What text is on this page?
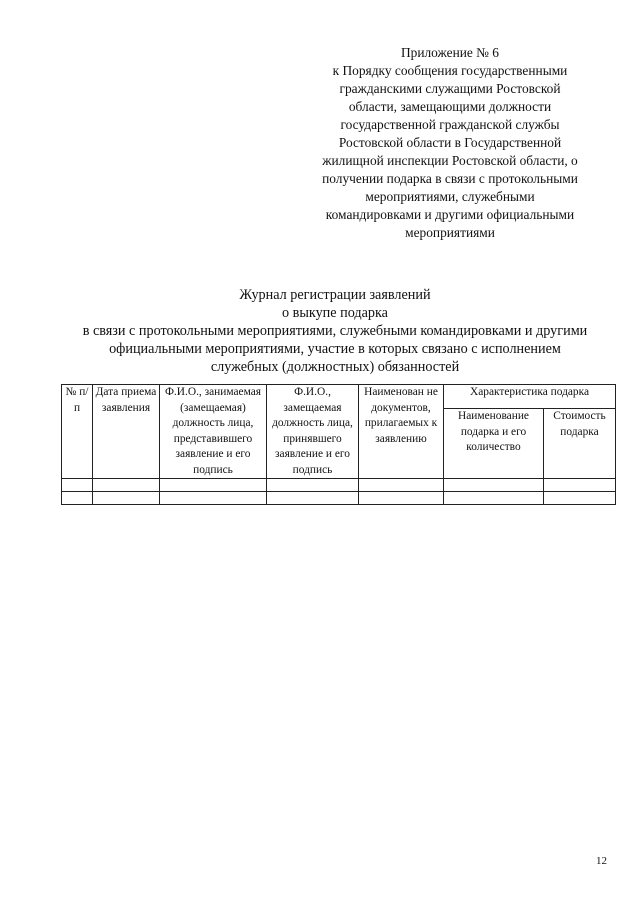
Приложение № 6
к Порядку сообщения государственными
гражданскими служащими Ростовской
области, замещающими должности
государственной гражданской службы
Ростовской области в Государственной
жилищной инспекции Ростовской области, о
получении подарка в связи с протокольными
мероприятиями, служебными
командировками и другими официальными
мероприятиями
Журнал регистрации заявлений
о выкупе подарка
в связи с протокольными мероприятиями, служебными командировками и другими
официальными мероприятиями, участие в которых связано с исполнением
служебных (должностных) обязанностей
№ п/п	Дата приема заявления	Ф.И.О., занимаемая (замещаемая) должность лица, представившего заявление и его подпись	Ф.И.О., замещаемая должность лица, принявшего заявление и его подпись	Наименован не документов, прилагаемых к заявлению	Характеристика подарка	
					Наименование подарка и его количество	Стоимость подарка

12
